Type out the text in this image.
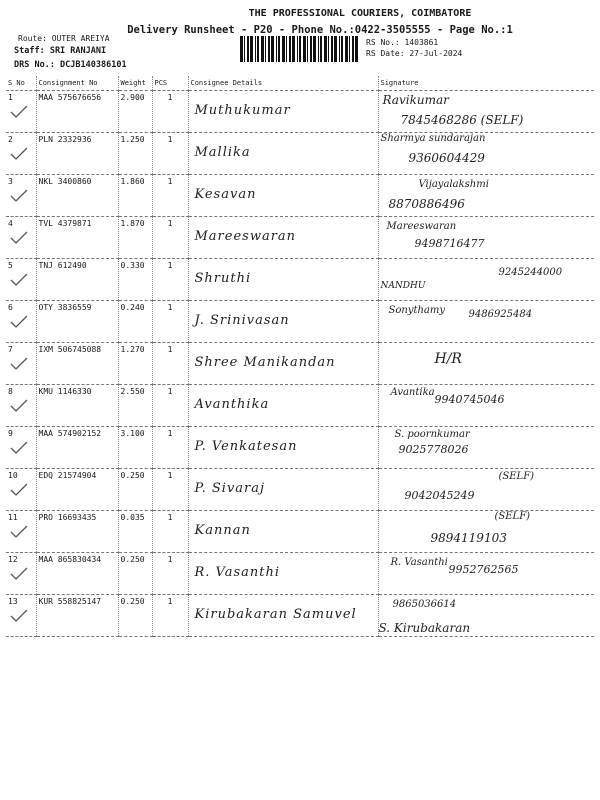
THE PROFESSIONAL COURIERS, COIMBATORE
Delivery Runsheet - P20 - Phone No.:0422-3505555 - Page No.:1
Route: OUTER AREIYA
Staff: SRI RANJANI
DRS No.: DCJB140386101
RS No.: 1403861
RS Date: 27-Jul-2024
S No	Consignment No	Weight	PCS	Consignee Details	Signature
1	MAA 575676656	2.900	1	Muthukumar	Ravikumar
7845468286 (SELF)

2	PLN 2332936	1.250	1	Mallika	Sharmya sundarajan
9360604429

3	NKL 3400860	1.860	1	Kesavan	Vijayalakshmi
8870886496

4	TVL 4379871	1.870	1	Mareeswaran	Mareeswaran
9498716477

5	TNJ 612490	0.330	1	Shruthi	NANDHU
9245244000

6	OTY 3836559	0.240	1	J. Srinivasan	Sonythamy 9486925484

7	IXM 506745088	1.270	1	Shree Manikandan	H/R

8	KMU 1146330	2.550	1	Avanthika	Avantika
9940745046

9	MAA 574902152	3.100	1	P. Venkatesan	S. poornkumar
9025778026

10	EDQ 21574904	0.250	1	P. Sivaraj	(SELF)
9042045249

11	PRO 16693435	0.035	1	Kannan	(SELF)
9894119103

12	MAA 865830434	0.250	1	R. Vasanthi	R. Vasanthi
9952762565

13	KUR 558825147	0.250	1	Kirubakaran Samuvel	S. Kirubakaran
9865036614
